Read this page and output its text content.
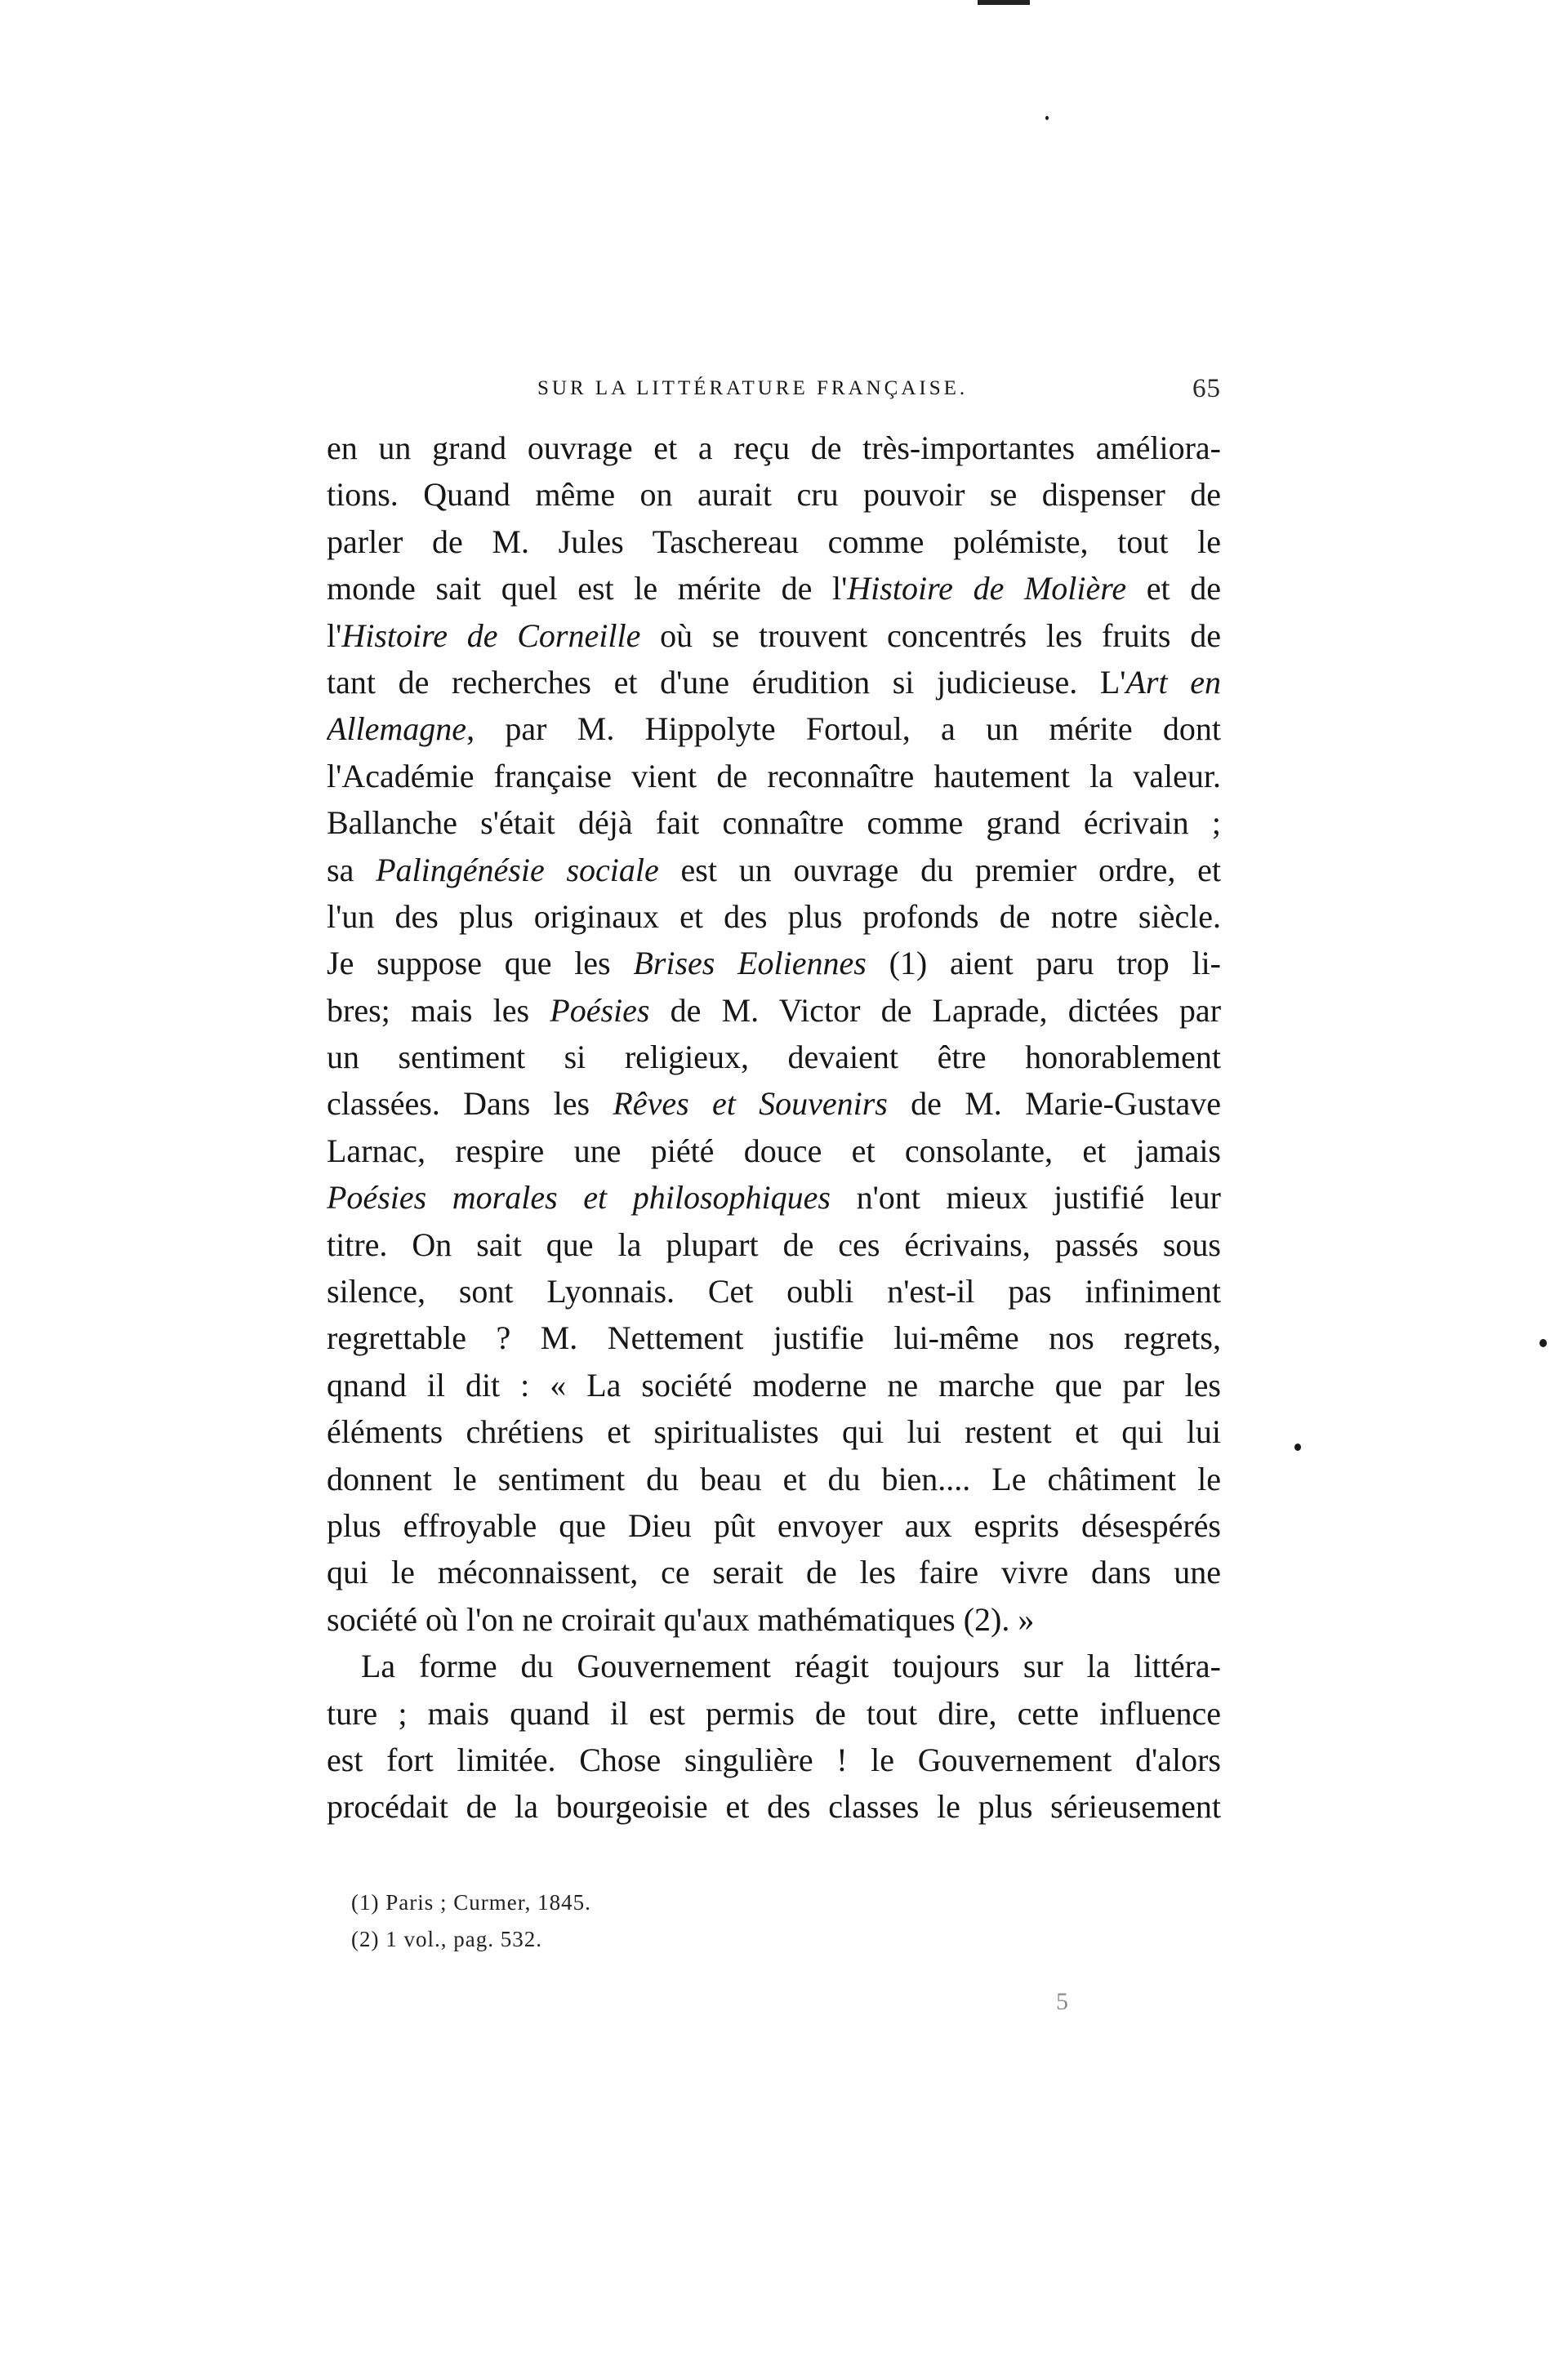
SUR LA LITTÉRATURE FRANÇAISE.	65
en un grand ouvrage et a reçu de très-importantes améliora-
tions. Quand même on aurait cru pouvoir se dispenser de
parler de M. Jules Taschereau comme polémiste, tout le
monde sait quel est le mérite de l'Histoire de Molière et de
l'Histoire de Corneille où se trouvent concentrés les fruits de
tant de recherches et d'une érudition si judicieuse. L'Art en
Allemagne, par M. Hippolyte Fortoul, a un mérite dont
l'Académie française vient de reconnaître hautement la valeur.
Ballanche s'était déjà fait connaître comme grand écrivain ;
sa Palingénésie sociale est un ouvrage du premier ordre, et
l'un des plus originaux et des plus profonds de notre siècle.
Je suppose que les Brises Eoliennes (1) aient paru trop li-
bres; mais les Poésies de M. Victor de Laprade, dictées par
un sentiment si religieux, devaient être honorablement
classées. Dans les Rêves et Souvenirs de M. Marie-Gustave
Larnac, respire une piété douce et consolante, et jamais
Poésies morales et philosophiques n'ont mieux justifié leur
titre. On sait que la plupart de ces écrivains, passés sous
silence, sont Lyonnais. Cet oubli n'est-il pas infiniment
regrettable ? M. Nettement justifie lui-même nos regrets,
qnand il dit : « La société moderne ne marche que par les
éléments chrétiens et spiritualistes qui lui restent et qui lui
donnent le sentiment du beau et du bien.... Le châtiment le
plus effroyable que Dieu pût envoyer aux esprits désespérés
qui le méconnaissent, ce serait de les faire vivre dans une
société où l'on ne croirait qu'aux mathématiques (2). »
La forme du Gouvernement réagit toujours sur la littéra-
ture ; mais quand il est permis de tout dire, cette influence
est fort limitée. Chose singulière ! le Gouvernement d'alors
procédait de la bourgeoisie et des classes le plus sérieusement
(1) Paris ; Curmer, 1845.
(2) 1 vol., pag. 532.
5
